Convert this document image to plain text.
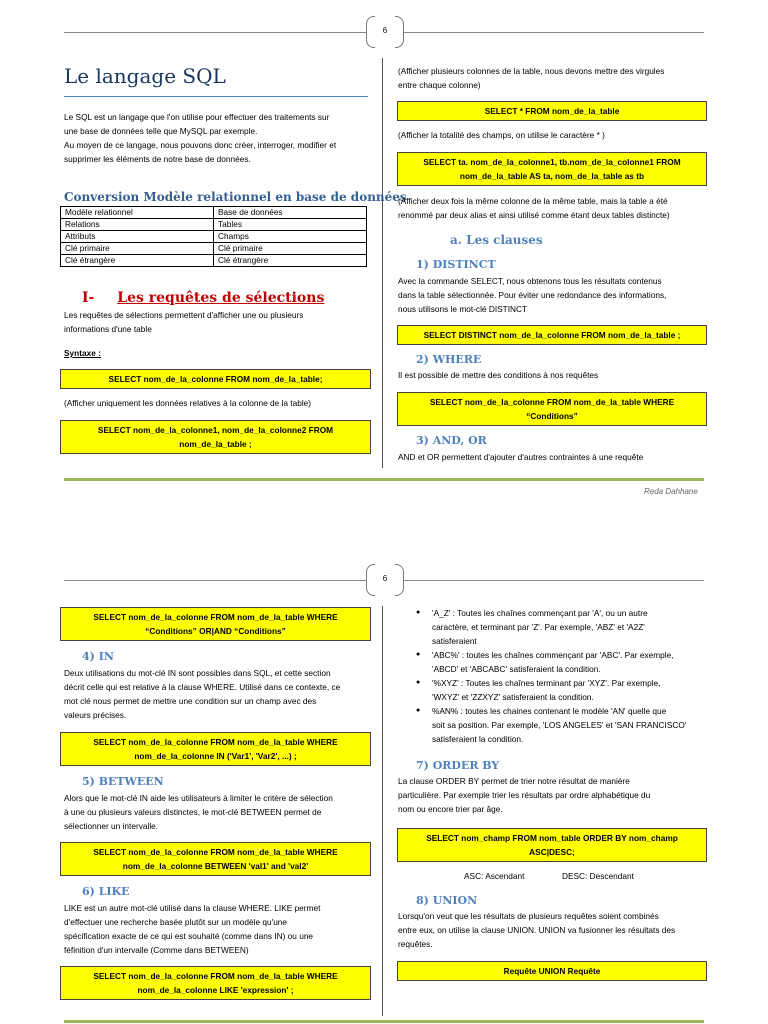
6
Le langage SQL

Le SQL est un langage que l'on utilise pour effectuer des traitements sur

une base de données telle que MySQL par exemple.

Au moyen de ce langage, nous pouvons donc créer, interroger, modifier et

supprimer les éléments de notre base de données.

Conversion Modèle relationnel en base de données
Modèle relationnel	Base de données
Relations	Tables
Attributs	Champs
Clé primaire	Clé primaire
Clé étrangère	Clé étrangère
I- Les requêtes de sélections

Les requêtes de sélections permettent d'afficher une ou plusieurs

informations d'une table

Syntaxe :
SELECT nom_de_la_colonne FROM nom_de_la_table;
(Afficher uniquement les données relatives à la colonne de la table)
SELECT nom_de_la_colonne1, nom_de_la_colonne2 FROM
nom_de_la_table ;

(Afficher plusieurs colonnes de la table, nous devons mettre des virgules

entre chaque colonne)

SELECT * FROM nom_de_la_table
(Afficher la totalité des champs, on utilise le caractère * )
SELECT ta. nom_de_la_colonne1, tb.nom_de_la_colonne1 FROM
nom_de_la_table AS ta, nom_de_la_table as tb

(Afficher deux fois la même colonne de la même table, mais la table a été

renommé par deux alias et ainsi utilisé comme étant deux tables distincte)

a. Les clauses
1) DISTINCT

Avec la commande SELECT, nous obtenons tous les résultats contenus

dans la table sélectionnée. Pour éviter une redondance des informations,

nous utilisons le mot-clé DISTINCT

SELECT DISTINCT nom_de_la_colonne FROM nom_de_la_table ;
2) WHERE
Il est possible de mettre des conditions à nos requêtes
SELECT nom_de_la_colonne FROM nom_de_la_table WHERE
“Conditions”
3) AND, OR
AND et OR permettent d'ajouter d'autres contraintes à une requête
Reda Dahhane
6
SELECT nom_de_la_colonne FROM nom_de_la_table WHERE
“Conditions” OR|AND “Conditions”
4) IN

Deux utilisations du mot-clé IN sont possibles dans SQL, et cette section

décrit celle qui est relative à la clause WHERE. Utilisé dans ce contexte, ce

mot clé nous permet de mettre une condition sur un champ avec des

valeurs précises.

SELECT nom_de_la_colonne FROM nom_de_la_table WHERE
nom_de_la_colonne IN ('Var1', 'Var2', ...) ;
5) BETWEEN

Alors que le mot-clé IN aide les utilisateurs à limiter le critère de sélection

à une ou plusieurs valeurs distinctes, le mot-clé BETWEEN permet de

sélectionner un intervalle.

SELECT nom_de_la_colonne FROM nom_de_la_table WHERE
nom_de_la_colonne BETWEEN 'val1' and 'val2'
6) LIKE

LIKE est un autre mot-clé utilisé dans la clause WHERE. LIKE permet

d'effectuer une recherche basée plutôt sur un modèle qu'une

spécification exacte de ce qui est souhaité (comme dans IN) ou une

féfinition d'un intervalle (Comme dans BETWEEN)

SELECT nom_de_la_colonne FROM nom_de_la_table WHERE
nom_de_la_colonne LIKE 'expression' ;

● 'A_Z' : Toutes les chaînes commençant par 'A', ou un autre

caractère, et terminant par 'Z'. Par exemple, 'ABZ' et 'A2Z'

satisferaient

● 'ABC%' : toutes les chaînes commençant par 'ABC'. Par exemple,

'ABCD' et 'ABCABC' satisferaient la condition.

● '%XYZ' : Toutes les chaînes terminant par 'XYZ'. Par exemple,

'WXYZ' et 'ZZXYZ' satisferaient la condition.

● %AN% : toutes les chaines contenant le modèle 'AN' quelle que

soit sa position. Par exemple, 'LOS ANGELES' et 'SAN FRANCISCO'

satisferaient la condition.

7) ORDER BY

La clause ORDER BY permet de trier notre résultat de manière

particulière. Par exemple trier les résultats par ordre alphabétique du

nom ou encore trier par âge.

SELECT nom_champ FROM nom_table ORDER BY nom_champ
ASC|DESC;
ASC: Ascendant	DESC: Descendant
8) UNION

Lorsqu'on veut que les résultats de plusieurs requêtes soient combinés

entre eux, on utilise la clause UNION. UNION va fusionner les résultats des

requêtes.

Requête UNION Requête
